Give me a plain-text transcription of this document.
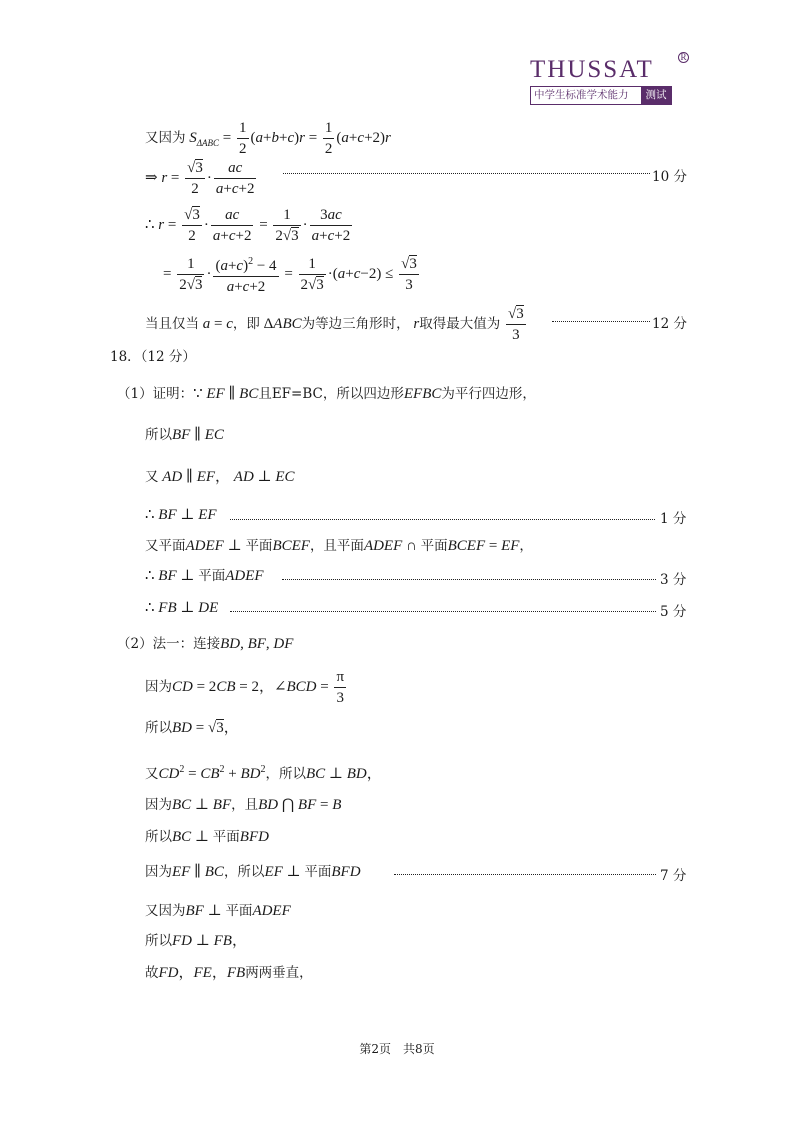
THUSSAT	R
中学生标准学术能力	测试
又因为 $S_{\Delta ABC} = \frac{1}{2} (a+b+c)r = \frac{1}{2} (a+c+2)r$
⇒ $r = \frac{√3}{2} \cdot \frac{ac}{a+c+2}$	10 分
∴ $r = \frac{√3}{2} \cdot \frac{ac}{a+c+2} = \frac{1}{2√3} \cdot \frac{3ac}{a+c+2}$
= $\frac{1}{2√3} \cdot \frac{(a+c)^2 - 4}{a+c+2} = \frac{1}{2√3} \cdot(a+c-2) \le \frac{√3}{3}$
当且仅当 a = c，即 ΔABC为等边三角形时， r取得最大值为 $\frac{√3}{3}$	12 分
18．（12 分）
（1）证明：∵ EF ∥ BC且EF=BC，所以四边形EFBC为平行四边形，
所以BF ∥ EC
又 AD ∥ EF， AD ⊥ EC
∴ BF ⊥ EF	1 分
又平面ADEF ⊥ 平面BCEF，且平面ADEF ∩ 平面BCEF = EF，
∴ BF ⊥ 平面ADEF	3 分
∴ FB ⊥ DE	5 分
（2）法一：连接BD, BF, DF
因为CD = 2CB = 2，∠BCD = $\frac{\pi}{3}$
所以BD = √3，
又$CD^2 = CB^2 + BD^2$，所以BC ⊥ BD，
因为BC ⊥ BF，且BD ⋂ BF = B
所以BC ⊥ 平面BFD
因为EF ∥ BC，所以EF ⊥ 平面BFD	7 分
又因为BF ⊥ 平面ADEF
所以FD ⊥ FB，
故FD，FE，FB两两垂直，
第2页　共8页
